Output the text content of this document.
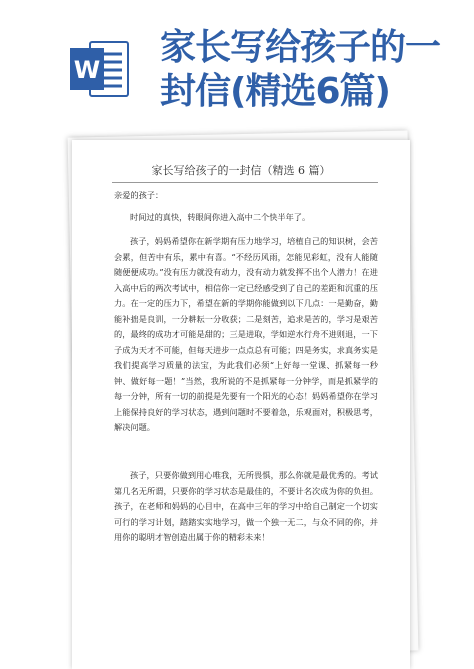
W
家长写给孩子的一封信(精选6篇)
家长写给孩子的一封信（精选 6 篇）
亲爱的孩子：
时间过的真快，转眼间你进入高中二个快半年了。
孩子，妈妈希望你在新学期有压力地学习，培植自己的知识树，会苦会累，但苦中有乐，累中有喜。“不经历风雨，怎能见彩虹，没有人能随随便便成功。”没有压力就没有动力，没有动力就发挥不出个人潜力！在进入高中后的两次考试中，相信你一定已经感受到了自己的差距和沉重的压力。在一定的压力下，希望在新的学期你能做到以下几点：一是勤奋，勤能补拙是良训，一分耕耘一分收获；二是刻苦，追求是苦的，学习是艰苦的，最终的成功才可能是甜的；三是进取，学如逆水行舟不进则退，一下子成为天才不可能，但每天进步一点点总有可能；四是务实，求真务实是我们提高学习质量的法宝，为此我们必须“上好每一堂课、抓紧每一秒钟、做好每一题！”当然，我所说的不是抓紧每一分钟学，而是抓紧学的每一分钟，所有一切的前提是先要有一个阳光的心态！妈妈希望你在学习上能保持良好的学习状态，遇到问题时不要着急，乐观面对，积极思考，解决问题。
孩子，只要你做到用心唯我，无所畏惧，那么你就是最优秀的。考试第几名无所谓，只要你的学习状态是最佳的，不要计名次成为你的负担。孩子，在老师和妈妈的心目中，在高中三年的学习中给自己制定一个切实可行的学习计划，踏踏实实地学习，做一个独一无二，与众不同的你，并用你的聪明才智创造出属于你的精彩未来！
